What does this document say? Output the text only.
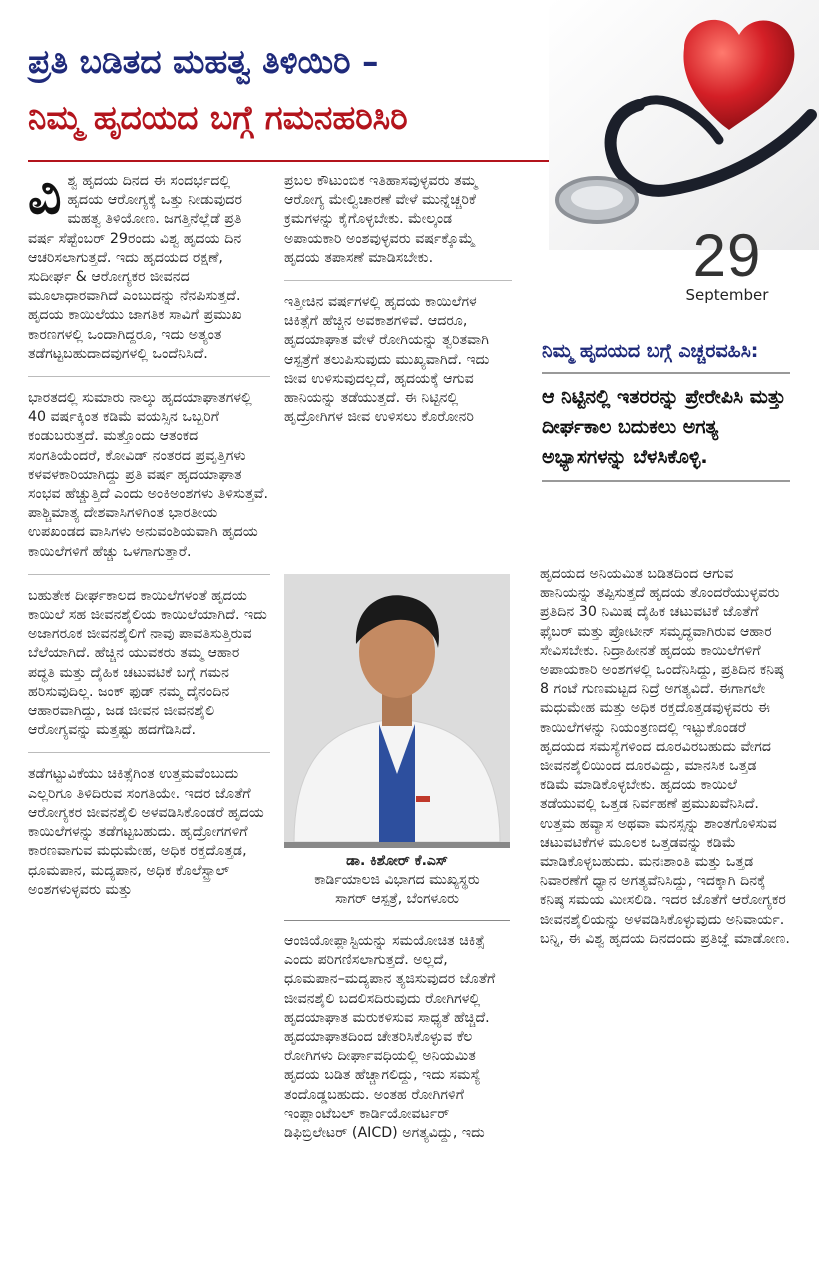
ಪ್ರತಿ ಬಡಿತದ ಮಹತ್ವ ತಿಳಿಯಿರಿ –
ನಿಮ್ಮ ಹೃದಯದ ಬಗ್ಗೆ ಗಮನಹರಿಸಿರಿ
29
September

ವಿಶ್ವ ಹೃದಯ ದಿನದ ಈ ಸಂದರ್ಭದಲ್ಲಿ ಹೃದಯ ಆರೋಗ್ಯಕ್ಕೆ ಒತ್ತು ನೀಡುವುದರ ಮಹತ್ವ ತಿಳಿಯೋಣ. ಜಗತ್ತಿನೆಲ್ಲೆಡೆ ಪ್ರತಿ ವರ್ಷ ಸೆಪ್ಟೆಂಬರ್ 29ರಂದು ವಿಶ್ವ ಹೃದಯ ದಿನ ಆಚರಿಸಲಾಗುತ್ತದೆ. ಇದು ಹೃದಯದ ರಕ್ಷಣೆ, ಸುದೀರ್ಘ & ಆರೋಗ್ಯಕರ ಜೀವನದ ಮೂಲಾಧಾರವಾಗಿದೆ ಎಂಬುದನ್ನು ನೆನಪಿಸುತ್ತದೆ. ಹೃದಯ ಕಾಯಿಲೆಯು ಜಾಗತಿಕ ಸಾವಿಗೆ ಪ್ರಮುಖ ಕಾರಣಗಳಲ್ಲಿ ಒಂದಾಗಿದ್ದರೂ, ಇದು ಅತ್ಯಂತ ತಡೆಗಟ್ಟಬಹುದಾದವುಗಳಲ್ಲಿ ಒಂದೆನಿಸಿದೆ.

ಭಾರತದಲ್ಲಿ ಸುಮಾರು ನಾಲ್ಕು ಹೃದಯಾಘಾತಗಳಲ್ಲಿ 40 ವರ್ಷಕ್ಕಿಂತ ಕಡಿಮೆ ವಯಸ್ಸಿನ ಒಬ್ಬರಿಗೆ ಕಂಡುಬರುತ್ತದೆ. ಮತ್ತೊಂದು ಆತಂಕದ ಸಂಗತಿಯೆಂದರೆ, ಕೋವಿಡ್ ನಂತರದ ಪ್ರವೃತ್ತಿಗಳು ಕಳವಳಕಾರಿಯಾಗಿದ್ದು ಪ್ರತಿ ವರ್ಷ ಹೃದಯಾಘಾತ ಸಂಭವ ಹೆಚ್ಚುತ್ತಿದೆ ಎಂದು ಅಂಕಿಅಂಶಗಳು ತಿಳಿಸುತ್ತವೆ. ಪಾಶ್ಚಿಮಾತ್ಯ ದೇಶವಾಸಿಗಳಿಗಿಂತ ಭಾರತೀಯ ಉಪಖಂಡದ ವಾಸಿಗಳು ಅನುವಂಶಿಯವಾಗಿ ಹೃದಯ ಕಾಯಿಲೆಗಳಿಗೆ ಹೆಚ್ಚು ಒಳಗಾಗುತ್ತಾರೆ.

ಬಹುತೇಕ ದೀರ್ಘಕಾಲದ ಕಾಯಿಲೆಗಳಂತೆ ಹೃದಯ ಕಾಯಿಲೆ ಸಹ ಜೀವನಶೈಲಿಯ ಕಾಯಿಲೆಯಾಗಿದೆ. ಇದು ಅಜಾಗರೂಕ ಜೀವನಶೈಲಿಗೆ ನಾವು ಪಾವತಿಸುತ್ತಿರುವ ಬೆಲೆಯಾಗಿದೆ. ಹೆಚ್ಚಿನ ಯುವಕರು ತಮ್ಮ ಆಹಾರ ಪದ್ಧತಿ ಮತ್ತು ದೈಹಿಕ ಚಟುವಟಿಕೆ ಬಗ್ಗೆ ಗಮನ ಹರಿಸುವುದಿಲ್ಲ. ಜಂಕ್ ಫುಡ್ ನಮ್ಮ ದೈನಂದಿನ ಆಹಾರವಾಗಿದ್ದು, ಜಡ ಜೀವನ ಜೀವನಶೈಲಿ ಆರೋಗ್ಯವನ್ನು ಮತ್ತಷ್ಟು ಹದಗೆಡಿಸಿದೆ.

ತಡೆಗಟ್ಟುವಿಕೆಯು ಚಿಕಿತ್ಸೆಗಿಂತ ಉತ್ತಮವೆಂಬುದು ಎಲ್ಲರಿಗೂ ತಿಳಿದಿರುವ ಸಂಗತಿಯೇ. ಇದರ ಜೊತೆಗೆ ಆರೋಗ್ಯಕರ ಜೀವನಶೈಲಿ ಅಳವಡಿಸಿಕೊಂಡರೆ ಹೃದಯ ಕಾಯಿಲೆಗಳನ್ನು ತಡೆಗಟ್ಟಬಹುದು. ಹೃದ್ರೋಗಗಳಿಗೆ ಕಾರಣವಾಗುವ ಮಧುಮೇಹ, ಅಧಿಕ ರಕ್ತದೊತ್ತಡ, ಧೂಮಪಾನ, ಮದ್ಯಪಾನ, ಅಧಿಕ ಕೊಲೆಸ್ಟ್ರಾಲ್ ಅಂಶಗಳುಳ್ಳವರು ಮತ್ತು

ಪ್ರಬಲ ಕೌಟುಂಬಿಕ ಇತಿಹಾಸವುಳ್ಳವರು ತಮ್ಮ ಆರೋಗ್ಯ ಮೇಲ್ವಿಚಾರಣೆ ವೇಳೆ ಮುನ್ನೆಚ್ಚರಿಕೆ ಕ್ರಮಗಳನ್ನು ಕೈಗೊಳ್ಳಬೇಕು. ಮೇಲ್ಕಂಡ ಅಪಾಯಕಾರಿ ಅಂಶವುಳ್ಳವರು ವರ್ಷಕ್ಕೊಮ್ಮೆ ಹೃದಯ ತಪಾಸಣೆ ಮಾಡಿಸಬೇಕು.

ಇತ್ತೀಚಿನ ವರ್ಷಗಳಲ್ಲಿ ಹೃದಯ ಕಾಯಿಲೆಗಳ ಚಿಕಿತ್ಸೆಗೆ ಹೆಚ್ಚಿನ ಅವಕಾಶಗಳಿವೆ. ಆದರೂ, ಹೃದಯಾಘಾತ ವೇಳೆ ರೋಗಿಯನ್ನು ತ್ವರಿತವಾಗಿ ಆಸ್ಪತ್ರೆಗೆ ತಲುಪಿಸುವುದು ಮುಖ್ಯವಾಗಿದೆ. ಇದು ಜೀವ ಉಳಿಸುವುದಲ್ಲದೆ, ಹೃದಯಕ್ಕೆ ಆಗುವ ಹಾನಿಯನ್ನು ತಡೆಯುತ್ತದೆ. ಈ ನಿಟ್ಟಿನಲ್ಲಿ ಹೃದ್ರೋಗಿಗಳ ಜೀವ ಉಳಿಸಲು ಕೊರೋನರಿ

ಡಾ. ಕಿಶೋರ್ ಕೆ.ಎಸ್
ಕಾರ್ಡಿಯಾಲಜಿ ವಿಭಾಗದ ಮುಖ್ಯಸ್ಥರು
ಸಾಗರ್ ಆಸ್ಪತ್ರೆ, ಬೆಂಗಳೂರು

ಆಂಜಿಯೋಪ್ಲಾಸ್ಟಿಯನ್ನು ಸಮಯೋಚಿತ ಚಿಕಿತ್ಸೆ ಎಂದು ಪರಿಗಣಿಸಲಾಗುತ್ತದೆ. ಅಲ್ಲದೆ, ಧೂಮಪಾನ–ಮದ್ಯಪಾನ ತ್ಯಜಿಸುವುದರ ಜೊತೆಗೆ ಜೀವನಶೈಲಿ ಬದಲಿಸದಿರುವುದು ರೋಗಿಗಳಲ್ಲಿ ಹೃದಯಾಘಾತ ಮರುಕಳಿಸುವ ಸಾಧ್ಯತೆ ಹೆಚ್ಚಿದೆ. ಹೃದಯಾಘಾತದಿಂದ ಚೇತರಿಸಿಕೊಳ್ಳುವ ಕೆಲ ರೋಗಿಗಳು ದೀರ್ಘಾವಧಿಯಲ್ಲಿ ಅನಿಯಮಿತ ಹೃದಯ ಬಡಿತ ಹೆಚ್ಚಾಗಲಿದ್ದು, ಇದು ಸಮಸ್ಯೆ ತಂದೊಡ್ಡಬಹುದು. ಅಂತಹ ರೋಗಿಗಳಿಗೆ ಇಂಪ್ಲಾಂಟೆಬಲ್ ಕಾರ್ಡಿಯೋವರ್ಟರ್ ಡಿಫಿಬ್ರಿಲೇಟರ್ (AICD) ಅಗತ್ಯವಿದ್ದು, ಇದು

ನಿಮ್ಮ ಹೃದಯದ ಬಗ್ಗೆ ಎಚ್ಚರವಹಿಸಿ:
ಆ ನಿಟ್ಟಿನಲ್ಲಿ ಇತರರನ್ನು ಪ್ರೇರೇಪಿಸಿ ಮತ್ತು ದೀರ್ಘಕಾಲ ಬದುಕಲು ಅಗತ್ಯ ಅಭ್ಯಾಸಗಳನ್ನು ಬೆಳಸಿಕೊಳ್ಳಿ.

ಹೃದಯದ ಅನಿಯಮಿತ ಬಡಿತದಿಂದ ಆಗುವ ಹಾನಿಯನ್ನು ತಪ್ಪಿಸುತ್ತದೆ ಹೃದಯ ತೊಂದರೆಯುಳ್ಳವರು ಪ್ರತಿದಿನ 30 ನಿಮಿಷ ದೈಹಿಕ ಚಟುವಟಿಕೆ ಜೊತೆಗೆ ಫೈಬರ್ ಮತ್ತು ಪ್ರೋಟೀನ್ ಸಮೃದ್ಧವಾಗಿರುವ ಆಹಾರ ಸೇವಿಸಬೇಕು. ನಿದ್ರಾಹೀನತೆ ಹೃದಯ ಕಾಯಿಲೆಗಳಿಗೆ ಅಪಾಯಕಾರಿ ಅಂಶಗಳಲ್ಲಿ ಒಂದೆನಿಸಿದ್ದು, ಪ್ರತಿದಿನ ಕನಿಷ್ಠ 8 ಗಂಟೆ ಗುಣಮಟ್ಟದ ನಿದ್ರೆ ಅಗತ್ಯವಿದೆ. ಈಗಾಗಲೇ ಮಧುಮೇಹ ಮತ್ತು ಅಧಿಕ ರಕ್ತದೊತ್ತಡವುಳ್ಳವರು ಈ ಕಾಯಿಲೆಗಳನ್ನು ನಿಯಂತ್ರಣದಲ್ಲಿ ಇಟ್ಟುಕೊಂಡರೆ ಹೃದಯದ ಸಮಸ್ಯೆಗಳಿಂದ ದೂರವಿರಬಹುದು ವೇಗದ ಜೀವನಶೈಲಿಯಿಂದ ದೂರವಿದ್ದು, ಮಾನಸಿಕ ಒತ್ತಡ ಕಡಿಮೆ ಮಾಡಿಕೊಳ್ಳಬೇಕು. ಹೃದಯ ಕಾಯಿಲೆ ತಡೆಯುವಲ್ಲಿ ಒತ್ತಡ ನಿರ್ವಹಣೆ ಪ್ರಮುಖವೆನಿಸಿದೆ. ಉತ್ತಮ ಹವ್ಯಾಸ ಅಥವಾ ಮನಸ್ಸನ್ನು ಶಾಂತಗೊಳಿಸುವ ಚಟುವಟಿಕೆಗಳ ಮೂಲಕ ಒತ್ತಡವನ್ನು ಕಡಿಮೆ ಮಾಡಿಕೊಳ್ಳಬಹುದು. ಮನಃಶಾಂತಿ ಮತ್ತು ಒತ್ತಡ ನಿವಾರಣೆಗೆ ಧ್ಯಾನ ಅಗತ್ಯವೆನಿಸಿದ್ದು, ಇದಕ್ಕಾಗಿ ದಿನಕ್ಕೆ ಕನಿಷ್ಠ ಸಮಯ ಮೀಸಲಿಡಿ. ಇದರ ಜೊತೆಗೆ ಆರೋಗ್ಯಕರ ಜೀವನಶೈಲಿಯನ್ನು ಅಳವಡಿಸಿಕೊಳ್ಳುವುದು ಅನಿವಾರ್ಯ. ಬನ್ನಿ, ಈ ವಿಶ್ವ ಹೃದಯ ದಿನದಂದು ಪ್ರತಿಜ್ಞೆ ಮಾಡೋಣ.
